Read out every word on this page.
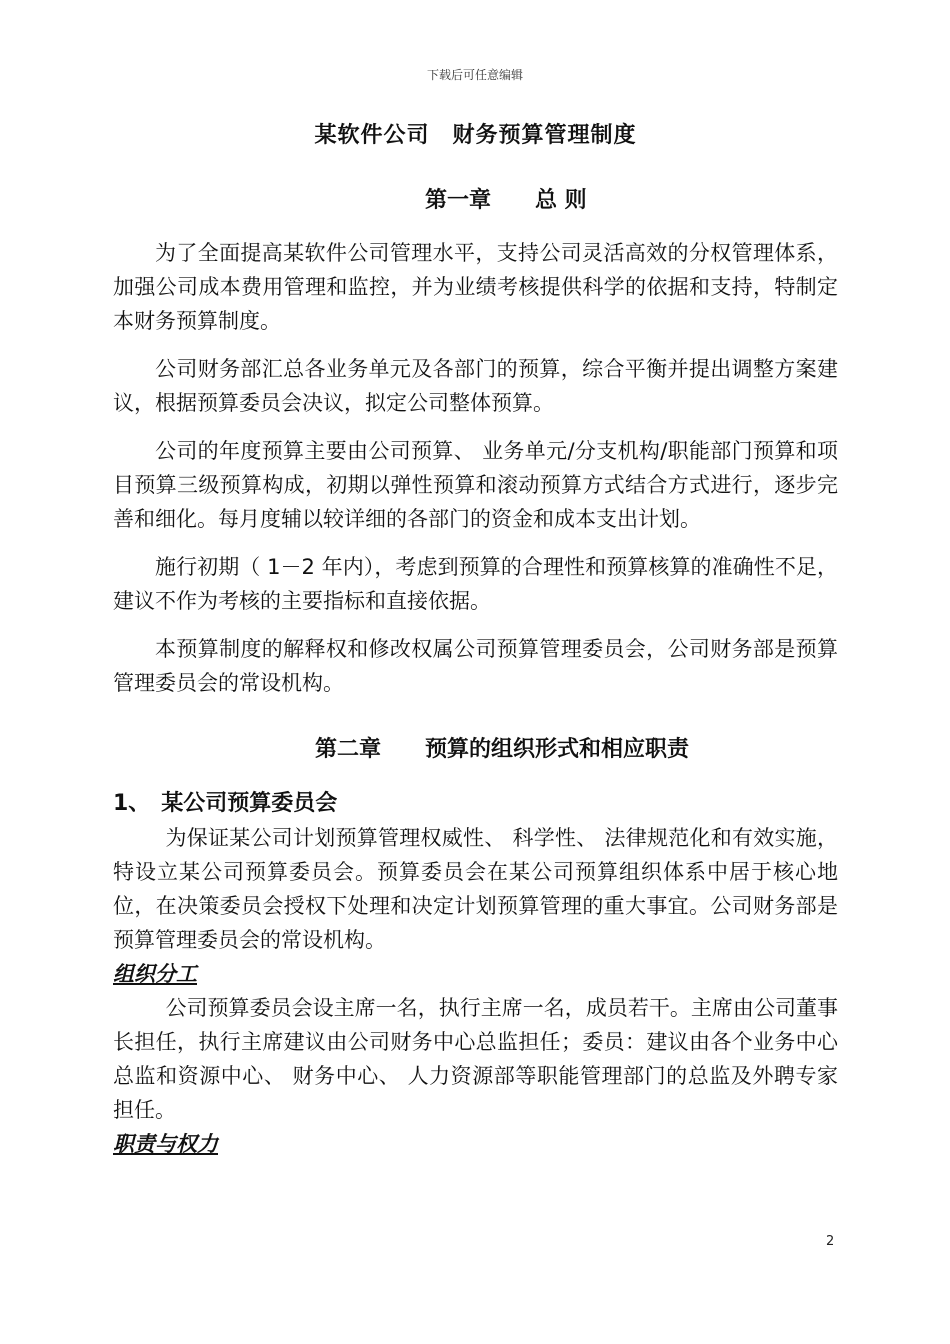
下载后可任意编辑
某软件公司　财务预算管理制度
第一章　　总 则

为了全面提高某软件公司管理水平，支持公司灵活高效的分权管理体系，加强公司成本费用管理和监控，并为业绩考核提供科学的依据和支持，特制定本财务预算制度。

公司财务部汇总各业务单元及各部门的预算，综合平衡并提出调整方案建议，根据预算委员会决议，拟定公司整体预算。

公司的年度预算主要由公司预算、 业务单元/分支机构/职能部门预算和项目预算三级预算构成，初期以弹性预算和滚动预算方式结合方式进行，逐步完善和细化。每月度辅以较详细的各部门的资金和成本支出计划。

施行初期（ 1－2 年内），考虑到预算的合理性和预算核算的准确性不足，建议不作为考核的主要指标和直接依据。

本预算制度的解释权和修改权属公司预算管理委员会，公司财务部是预算管理委员会的常设机构。

第二章　　预算的组织形式和相应职责
1、　某公司预算委员会

为保证某公司计划预算管理权威性、 科学性、 法律规范化和有效实施，特设立某公司预算委员会。预算委员会在某公司预算组织体系中居于核心地位，在决策委员会授权下处理和决定计划预算管理的重大事宜。公司财务部是预算管理委员会的常设机构。

组织分工

公司预算委员会设主席一名，执行主席一名，成员若干。主席由公司董事长担任，执行主席建议由公司财务中心总监担任；委员：建议由各个业务中心总监和资源中心、 财务中心、 人力资源部等职能管理部门的总监及外聘专家担任。

职责与权力
2
